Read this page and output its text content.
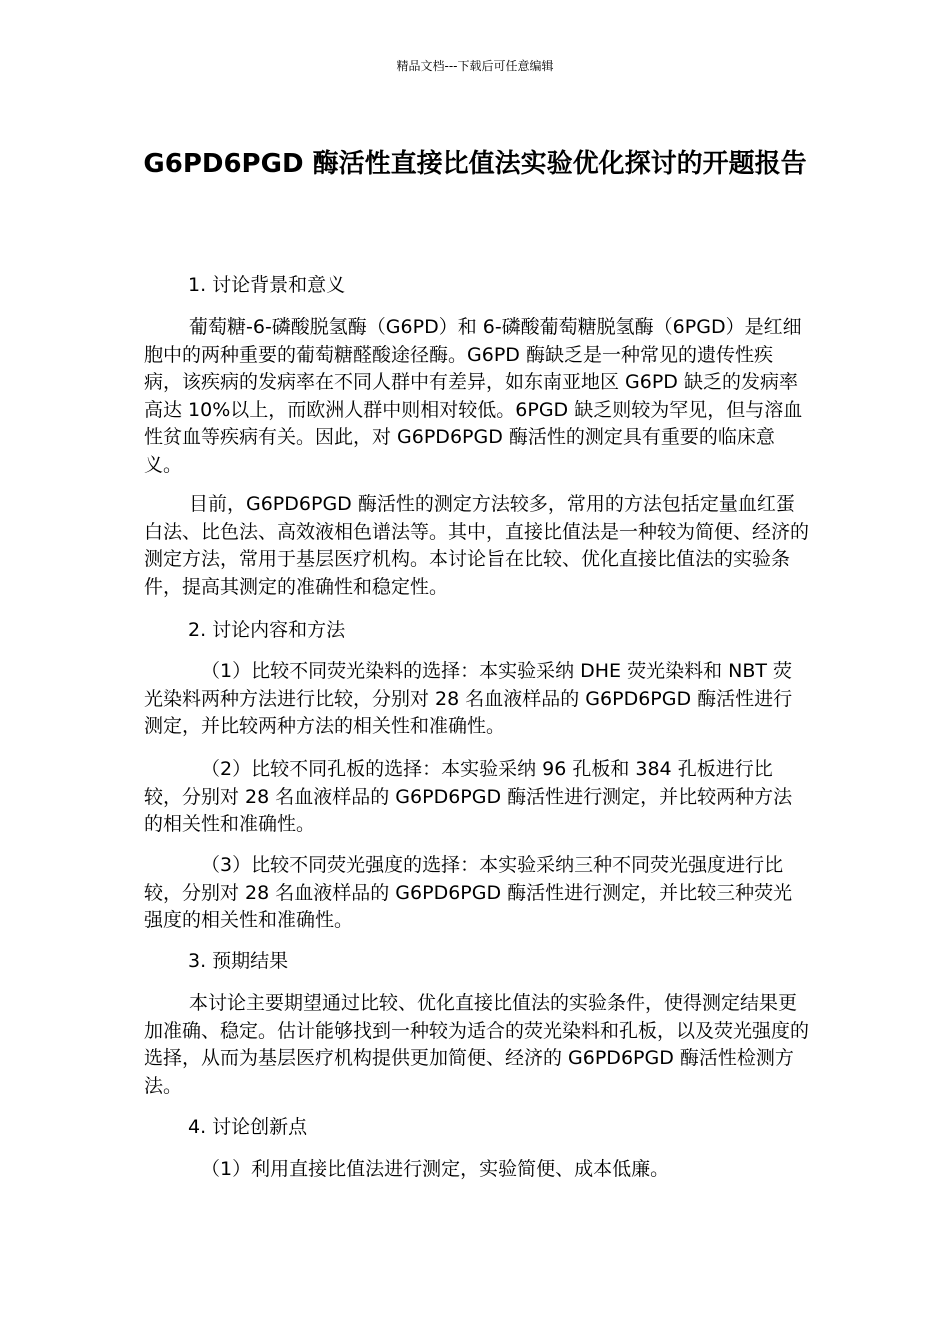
精品文档---下载后可任意编辑
G6PD6PGD 酶活性直接比值法实验优化探讨的开题报告
1. 讨论背景和意义

葡萄糖-6-磷酸脱氢酶（G6PD）和 6-磷酸葡萄糖脱氢酶（6PGD）是红细胞中的两种重要的葡萄糖醛酸途径酶。G6PD 酶缺乏是一种常见的遗传性疾病，该疾病的发病率在不同人群中有差异，如东南亚地区 G6PD 缺乏的发病率高达 10%以上，而欧洲人群中则相对较低。6PGD 缺乏则较为罕见，但与溶血性贫血等疾病有关。因此，对 G6PD6PGD 酶活性的测定具有重要的临床意义。

目前，G6PD6PGD 酶活性的测定方法较多，常用的方法包括定量血红蛋白法、比色法、高效液相色谱法等。其中，直接比值法是一种较为简便、经济的测定方法，常用于基层医疗机构。本讨论旨在比较、优化直接比值法的实验条件，提高其测定的准确性和稳定性。

2. 讨论内容和方法

（1）比较不同荧光染料的选择：本实验采纳 DHE 荧光染料和 NBT 荧光染料两种方法进行比较，分别对 28 名血液样品的 G6PD6PGD 酶活性进行测定，并比较两种方法的相关性和准确性。

（2）比较不同孔板的选择：本实验采纳 96 孔板和 384 孔板进行比较，分别对 28 名血液样品的 G6PD6PGD 酶活性进行测定，并比较两种方法的相关性和准确性。

（3）比较不同荧光强度的选择：本实验采纳三种不同荧光强度进行比较，分别对 28 名血液样品的 G6PD6PGD 酶活性进行测定，并比较三种荧光强度的相关性和准确性。

3. 预期结果

本讨论主要期望通过比较、优化直接比值法的实验条件，使得测定结果更加准确、稳定。估计能够找到一种较为适合的荧光染料和孔板，以及荧光强度的选择，从而为基层医疗机构提供更加简便、经济的 G6PD6PGD 酶活性检测方法。

4. 讨论创新点

（1）利用直接比值法进行测定，实验简便、成本低廉。
